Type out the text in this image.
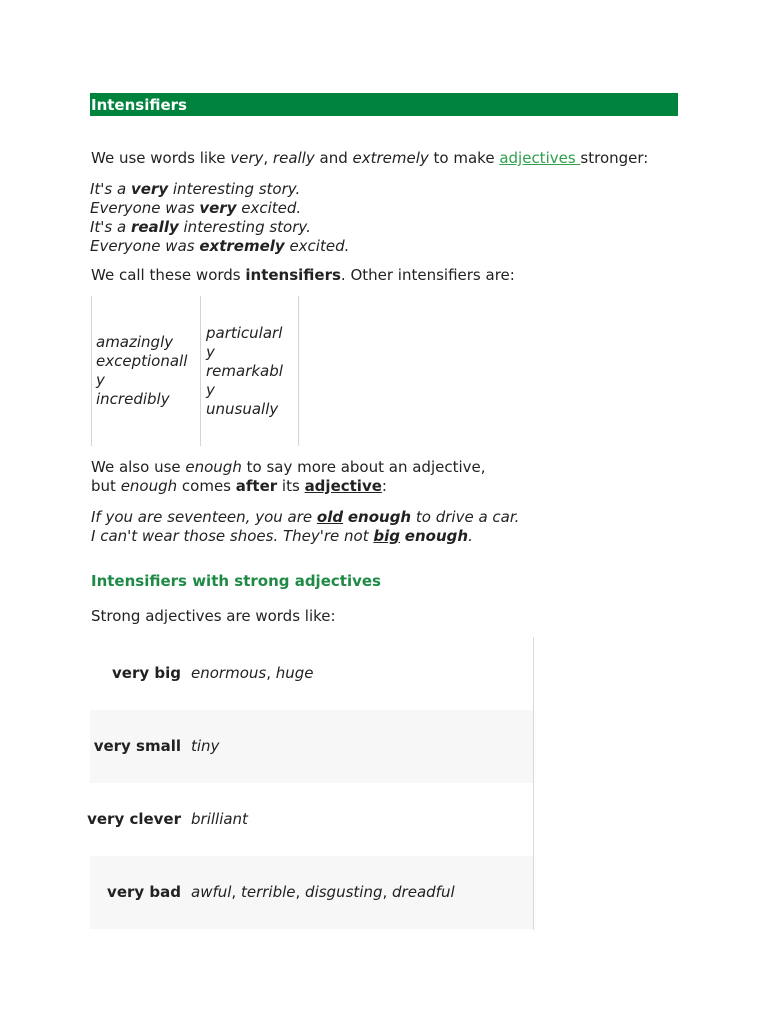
Intensifiers
We use words like very, really and extremely to make adjectives stronger:
It's a very interesting story.
Everyone was very excited.
It's a really interesting story.
Everyone was extremely excited.
We call these words intensifiers. Other intensifiers are:
amazingly
exceptionally
incredibly
particularly
remarkably
unusually
We also use enough to say more about an adjective,
but enough comes after its adjective:
If you are seventeen, you are old enough to drive a car.
I can't wear those shoes. They're not big enough.
Intensifiers with strong adjectives
Strong adjectives are words like:
very big enormous, huge
very small tiny
very clever brilliant
very bad awful, terrible, disgusting, dreadful
